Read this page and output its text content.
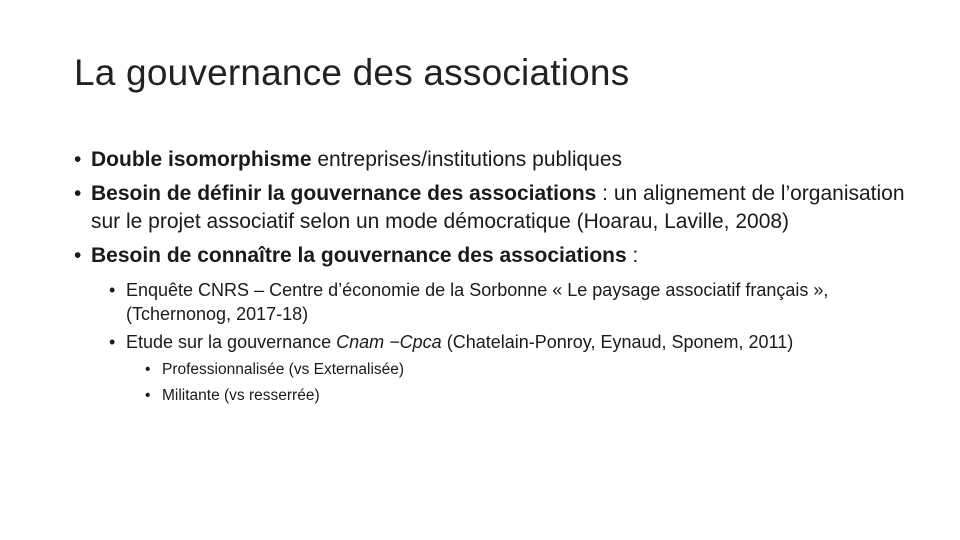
La gouvernance des associations
• Double isomorphisme entreprises/institutions publiques
• Besoin de définir la gouvernance des associations : un alignement de l’organisation sur le projet associatif selon un mode démocratique (Hoarau, Laville, 2008)
• Besoin de connaître la gouvernance des associations :
• Enquête CNRS – Centre d’économie de la Sorbonne « Le paysage associatif français », (Tchernonog, 2017-18)
• Etude sur la gouvernance Cnam −Cpca (Chatelain-Ponroy, Eynaud, Sponem, 2011)
• Professionnalisée (vs Externalisée)
• Militante (vs resserrée)
